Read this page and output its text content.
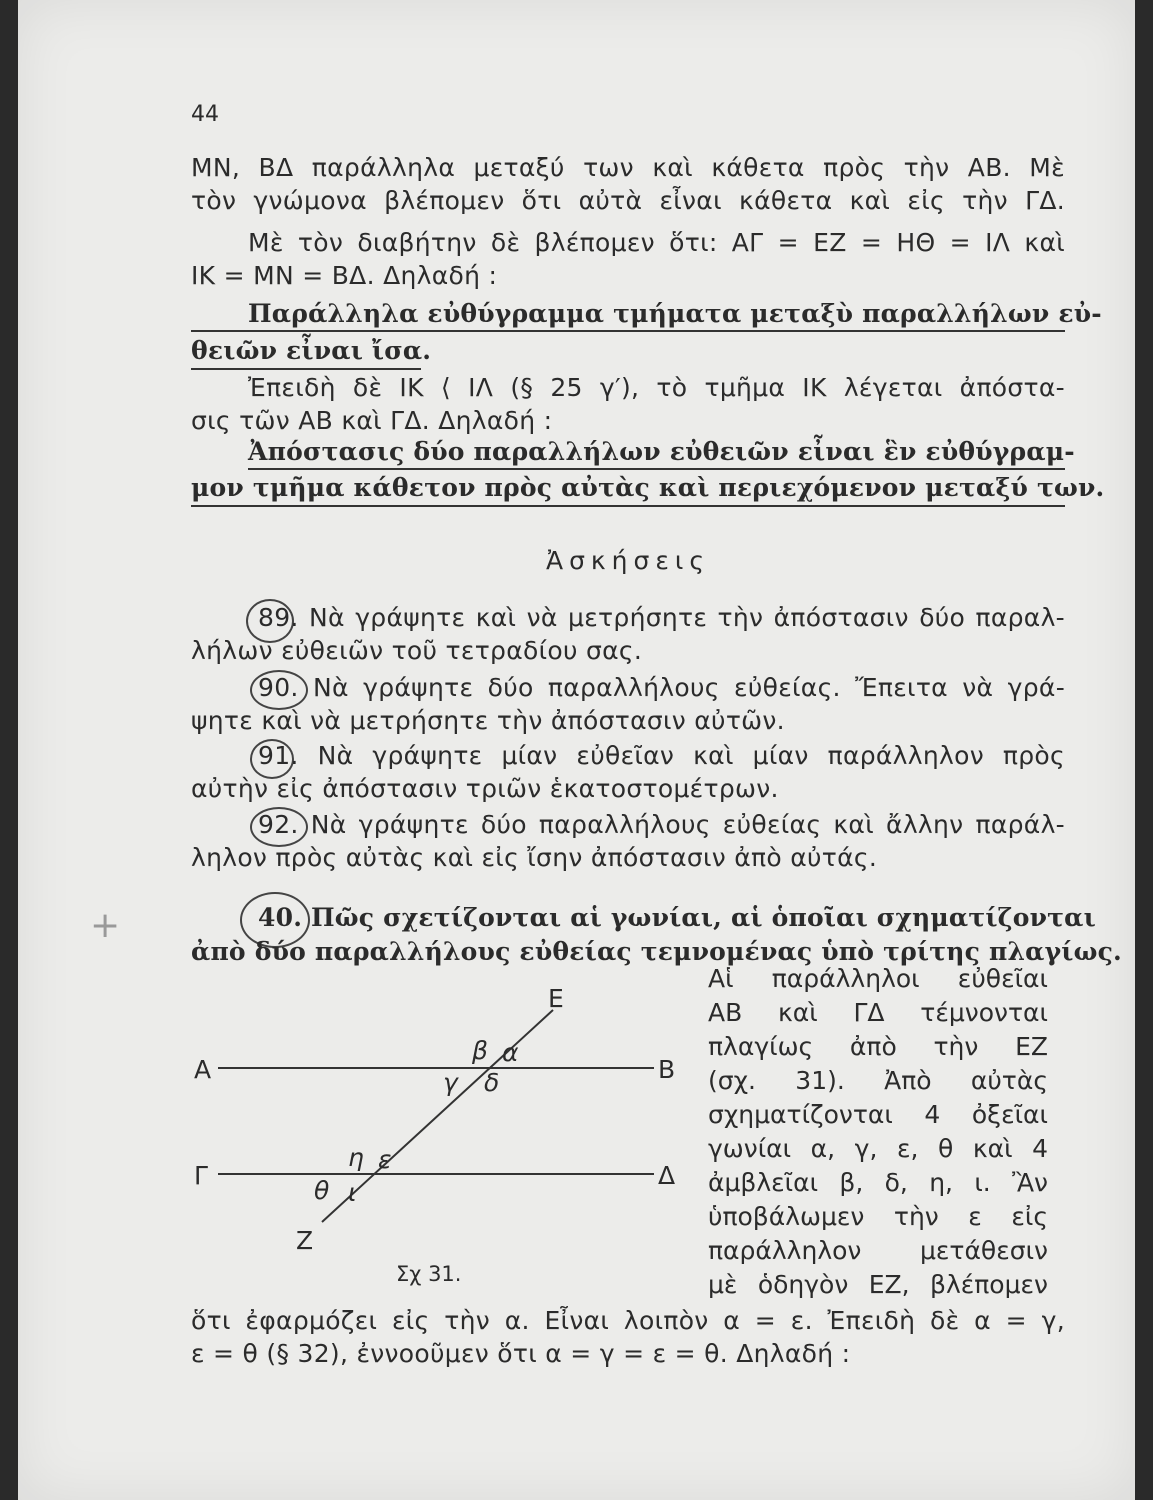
44
ΜΝ, ΒΔ παράλληλα μεταξύ των καὶ κάθετα πρὸς τὴν ΑΒ. Μὲ
τὸν γνώμονα βλέπομεν ὅτι αὐτὰ εἶναι κάθετα καὶ εἰς τὴν ΓΔ.
Μὲ τὸν διαβήτην δὲ βλέπομεν ὅτι: ΑΓ = ΕΖ = ΗΘ = ΙΛ καὶ
ΙΚ = ΜΝ = ΒΔ. Δηλαδή :
Παράλληλα εὐθύγραμμα τμήματα μεταξὺ παραλλήλων εὐ-
θειῶν εἶναι ἴσα.
Ἐπειδὴ δὲ ΙΚ ⟨ ΙΛ (§ 25 γ′), τὸ τμῆμα ΙΚ λέγεται ἀπόστα-
σις τῶν ΑΒ καὶ ΓΔ. Δηλαδή :
Ἀπόστασις δύο παραλλήλων εὐθειῶν εἶναι ἓν εὐθύγραμ-
μον τμῆμα κάθετον πρὸς αὐτὰς καὶ περιεχόμενον μεταξύ των.
Ἀσκήσεις
89. Νὰ γράψητε καὶ νὰ μετρήσητε τὴν ἀπόστασιν δύο παραλ-
λήλων εὐθειῶν τοῦ τετραδίου σας.
90. Νὰ γράψητε δύο παραλλήλους εὐθείας. Ἔπειτα νὰ γρά-
ψητε καὶ νὰ μετρήσητε τὴν ἀπόστασιν αὐτῶν.
91. Νὰ γράψητε μίαν εὐθεῖαν καὶ μίαν παράλληλον πρὸς
αὐτὴν εἰς ἀπόστασιν τριῶν ἑκατοστομέτρων.
92. Νὰ γράψητε δύο παραλλήλους εὐθείας καὶ ἄλλην παράλ-
ληλον πρὸς αὐτὰς καὶ εἰς ἴσην ἀπόστασιν ἀπὸ αὐτάς.
+	40. Πῶς σχετίζονται αἱ γωνίαι, αἱ ὁποῖαι σχηματίζονται
ἀπὸ δύο παραλλήλους εὐθείας τεμνομένας ὑπὸ τρίτης πλαγίως.
Αἱ παράλληλοι εὐθεῖαι
ΑΒ καὶ ΓΔ τέμνονται
πλαγίως ἀπὸ τὴν ΕΖ
(σχ. 31). Ἀπὸ αὐτὰς
σχηματίζονται 4 ὀξεῖαι
γωνίαι α, γ, ε, θ καὶ 4
ἀμβλεῖαι β, δ, η, ι. Ἂν
ὑποβάλωμεν τὴν ε εἰς
παράλληλον μετάθεσιν
μὲ ὁδηγὸν ΕΖ, βλέπομεν
Ε
Α	Β
Γ	Δ
Ζ
β α
γ δ
η ε
θ ι
Σχ 31.
ὅτι ἐφαρμόζει εἰς τὴν α. Εἶναι λοιπὸν α = ε. Ἐπειδὴ δὲ α = γ,
ε = θ (§ 32), ἐννοοῦμεν ὅτι α = γ = ε = θ. Δηλαδή :
